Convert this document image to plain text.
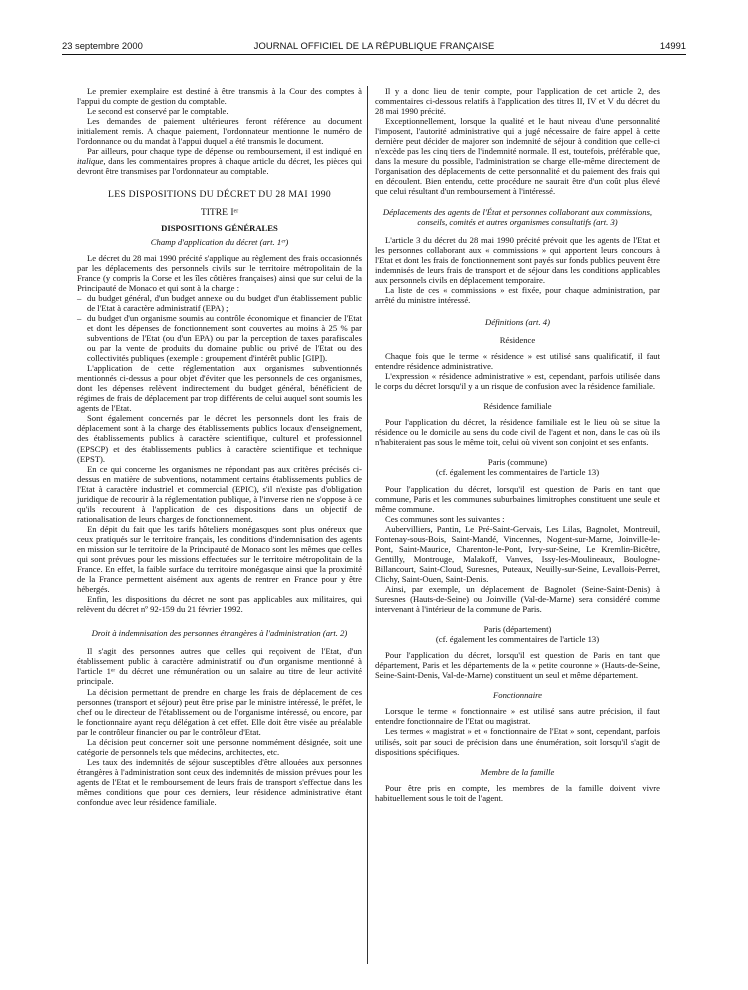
23 septembre 2000	JOURNAL OFFICIEL DE LA RÉPUBLIQUE FRANÇAISE	14991

Le premier exemplaire est destiné à être transmis à la Cour des comptes à l'appui du compte de gestion du comptable.

Le second est conservé par le comptable.

Les demandes de paiement ultérieures feront référence au document initialement remis. A chaque paiement, l'ordonnateur mentionne le numéro de l'ordonnance ou du mandat à l'appui duquel a été transmis le document.

Par ailleurs, pour chaque type de dépense ou remboursement, il est indiqué en italique, dans les commentaires propres à chaque article du décret, les pièces qui devront être transmises par l'ordonnateur au comptable.

LES DISPOSITIONS DU DÉCRET DU 28 MAI 1990

TITRE Iᵉʳ

DISPOSITIONS GÉNÉRALES

Champ d'application du décret (art. 1ᵉʳ)

Le décret du 28 mai 1990 précité s'applique au règlement des frais occasionnés par les déplacements des personnels civils sur le territoire métropolitain de la France (y compris la Corse et les îles côtières françaises) ainsi que sur celui de la Principauté de Monaco et qui sont à la charge :

– du budget général, d'un budget annexe ou du budget d'un établissement public de l'Etat à caractère administratif (EPA) ;

– du budget d'un organisme soumis au contrôle économique et financier de l'Etat et dont les dépenses de fonctionnement sont couvertes au moins à 25 % par subventions de l'Etat (ou d'un EPA) ou par la perception de taxes parafiscales ou par la vente de produits du domaine public ou privé de l'Etat ou des collectivités publiques (exemple : groupement d'intérêt public [GIP]).

L'application de cette réglementation aux organismes subventionnés mentionnés ci-dessus a pour objet d'éviter que les personnels de ces organismes, dont les dépenses relèvent indirectement du budget général, bénéficient de régimes de frais de déplacement par trop différents de celui auquel sont soumis les agents de l'Etat.

Sont également concernés par le décret les personnels dont les frais de déplacement sont à la charge des établissements publics locaux d'enseignement, des établissements publics à caractère scientifique, culturel et professionnel (EPSCP) et des établissements publics à caractère scientifique et technique (EPST).

En ce qui concerne les organismes ne répondant pas aux critères précisés ci-dessus en matière de subventions, notamment certains établissements publics de l'Etat à caractère industriel et commercial (EPIC), s'il n'existe pas d'obligation juridique de recourir à la réglementation publique, à l'inverse rien ne s'oppose à ce qu'ils recourent à l'application de ces dispositions dans un objectif de rationalisation de leurs charges de fonctionnement.

En dépit du fait que les tarifs hôteliers monégasques sont plus onéreux que ceux pratiqués sur le territoire français, les conditions d'indemnisation des agents en mission sur le territoire de la Principauté de Monaco sont les mêmes que celles qui sont prévues pour les missions effectuées sur le territoire métropolitain de la France. En effet, la faible surface du territoire monégasque ainsi que la proximité de la France permettent aisément aux agents de rentrer en France pour y être hébergés.

Enfin, les dispositions du décret ne sont pas applicables aux militaires, qui relèvent du décret nº 92-159 du 21 février 1992.

Droit à indemnisation des personnes étrangères à l'administration (art. 2)

Il s'agit des personnes autres que celles qui reçoivent de l'Etat, d'un établissement public à caractère administratif ou d'un organisme mentionné à l'article 1ᵉʳ du décret une rémunération ou un salaire au titre de leur activité principale.

La décision permettant de prendre en charge les frais de déplacement de ces personnes (transport et séjour) peut être prise par le ministre intéressé, le préfet, le chef ou le directeur de l'établissement ou de l'organisme intéressé, ou encore, par le fonctionnaire ayant reçu délégation à cet effet. Elle doit être visée au préalable par le contrôleur financier ou par le contrôleur d'Etat.

La décision peut concerner soit une personne nommément désignée, soit une catégorie de personnels tels que médecins, architectes, etc.

Les taux des indemnités de séjour susceptibles d'être allouées aux personnes étrangères à l'administration sont ceux des indemnités de mission prévues pour les agents de l'Etat et le remboursement de leurs frais de transport s'effectue dans les mêmes conditions que pour ces derniers, leur résidence administrative étant confondue avec leur résidence familiale.

Il y a donc lieu de tenir compte, pour l'application de cet article 2, des commentaires ci-dessous relatifs à l'application des titres II, IV et V du décret du 28 mai 1990 précité.

Exceptionnellement, lorsque la qualité et le haut niveau d'une personnalité l'imposent, l'autorité administrative qui a jugé nécessaire de faire appel à cette dernière peut décider de majorer son indemnité de séjour à condition que celle-ci n'excède pas les cinq tiers de l'indemnité normale. Il est, toutefois, préférable que, dans la mesure du possible, l'administration se charge elle-même directement de l'organisation des déplacements de cette personnalité et du paiement des frais qui en découlent. Bien entendu, cette procédure ne saurait être d'un coût plus élevé que celui résultant d'un remboursement à l'intéressé.

Déplacements des agents de l'État et personnes collaborant aux commissions, conseils, comités et autres organismes consultatifs (art. 3)

L'article 3 du décret du 28 mai 1990 précité prévoit que les agents de l'Etat et les personnes collaborant aux « commissions » qui apportent leurs concours à l'Etat et dont les frais de fonctionnement sont payés sur fonds publics peuvent être indemnisés de leurs frais de transport et de séjour dans les conditions applicables aux personnels civils en déplacement temporaire.

La liste de ces « commissions » est fixée, pour chaque administration, par arrêté du ministre intéressé.

Définitions (art. 4)

Résidence

Chaque fois que le terme « résidence » est utilisé sans qualificatif, il faut entendre résidence administrative.

L'expression « résidence administrative » est, cependant, parfois utilisée dans le corps du décret lorsqu'il y a un risque de confusion avec la résidence familiale.

Résidence familiale

Pour l'application du décret, la résidence familiale est le lieu où se situe la résidence ou le domicile au sens du code civil de l'agent et non, dans le cas où ils n'habiteraient pas sous le même toit, celui où vivent son conjoint et ses enfants.

Paris (commune)

(cf. également les commentaires de l'article 13)

Pour l'application du décret, lorsqu'il est question de Paris en tant que commune, Paris et les communes suburbaines limitrophes constituent une seule et même commune.

Ces communes sont les suivantes :

Aubervilliers, Pantin, Le Pré-Saint-Gervais, Les Lilas, Bagnolet, Montreuil, Fontenay-sous-Bois, Saint-Mandé, Vincennes, Nogent-sur-Marne, Joinville-le-Pont, Saint-Maurice, Charenton-le-Pont, Ivry-sur-Seine, Le Kremlin-Bicêtre, Gentilly, Montrouge, Malakoff, Vanves, Issy-les-Moulineaux, Boulogne-Billancourt, Saint-Cloud, Suresnes, Puteaux, Neuilly-sur-Seine, Levallois-Perret, Clichy, Saint-Ouen, Saint-Denis.

Ainsi, par exemple, un déplacement de Bagnolet (Seine-Saint-Denis) à Suresnes (Hauts-de-Seine) ou Joinville (Val-de-Marne) sera considéré comme intervenant à l'intérieur de la commune de Paris.

Paris (département)

(cf. également les commentaires de l'article 13)

Pour l'application du décret, lorsqu'il est question de Paris en tant que département, Paris et les départements de la « petite couronne » (Hauts-de-Seine, Seine-Saint-Denis, Val-de-Marne) constituent un seul et même département.

Fonctionnaire

Lorsque le terme « fonctionnaire » est utilisé sans autre précision, il faut entendre fonctionnaire de l'Etat ou magistrat.

Les termes « magistrat » et « fonctionnaire de l'Etat » sont, cependant, parfois utilisés, soit par souci de précision dans une énumération, soit lorsqu'il s'agit de dispositions spécifiques.

Membre de la famille

Pour être pris en compte, les membres de la famille doivent vivre habituellement sous le toit de l'agent.
